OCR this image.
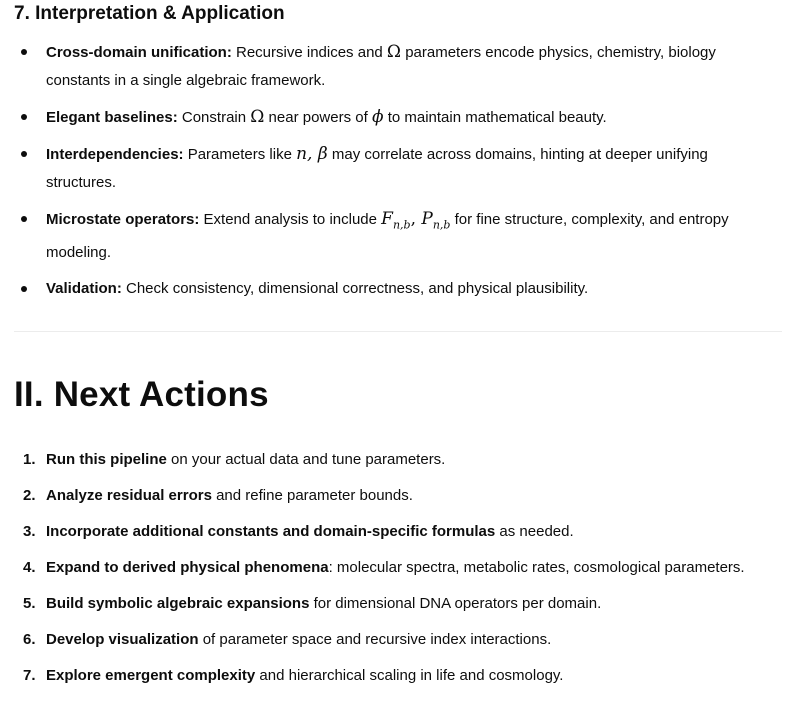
7. Interpretation & Application
Cross-domain unification: Recursive indices and Ω parameters encode physics, chemistry, biology constants in a single algebraic framework.
Elegant baselines: Constrain Ω near powers of ϕ to maintain mathematical beauty.
Interdependencies: Parameters like n, β may correlate across domains, hinting at deeper unifying structures.
Microstate operators: Extend analysis to include $F_{n,b}$, $P_{n,b}$ for fine structure, complexity, and entropy modeling.
Validation: Check consistency, dimensional correctness, and physical plausibility.
II. Next Actions
1. Run this pipeline on your actual data and tune parameters.
2. Analyze residual errors and refine parameter bounds.
3. Incorporate additional constants and domain-specific formulas as needed.
4. Expand to derived physical phenomena: molecular spectra, metabolic rates, cosmological parameters.
5. Build symbolic algebraic expansions for dimensional DNA operators per domain.
6. Develop visualization of parameter space and recursive index interactions.
7. Explore emergent complexity and hierarchical scaling in life and cosmology.
